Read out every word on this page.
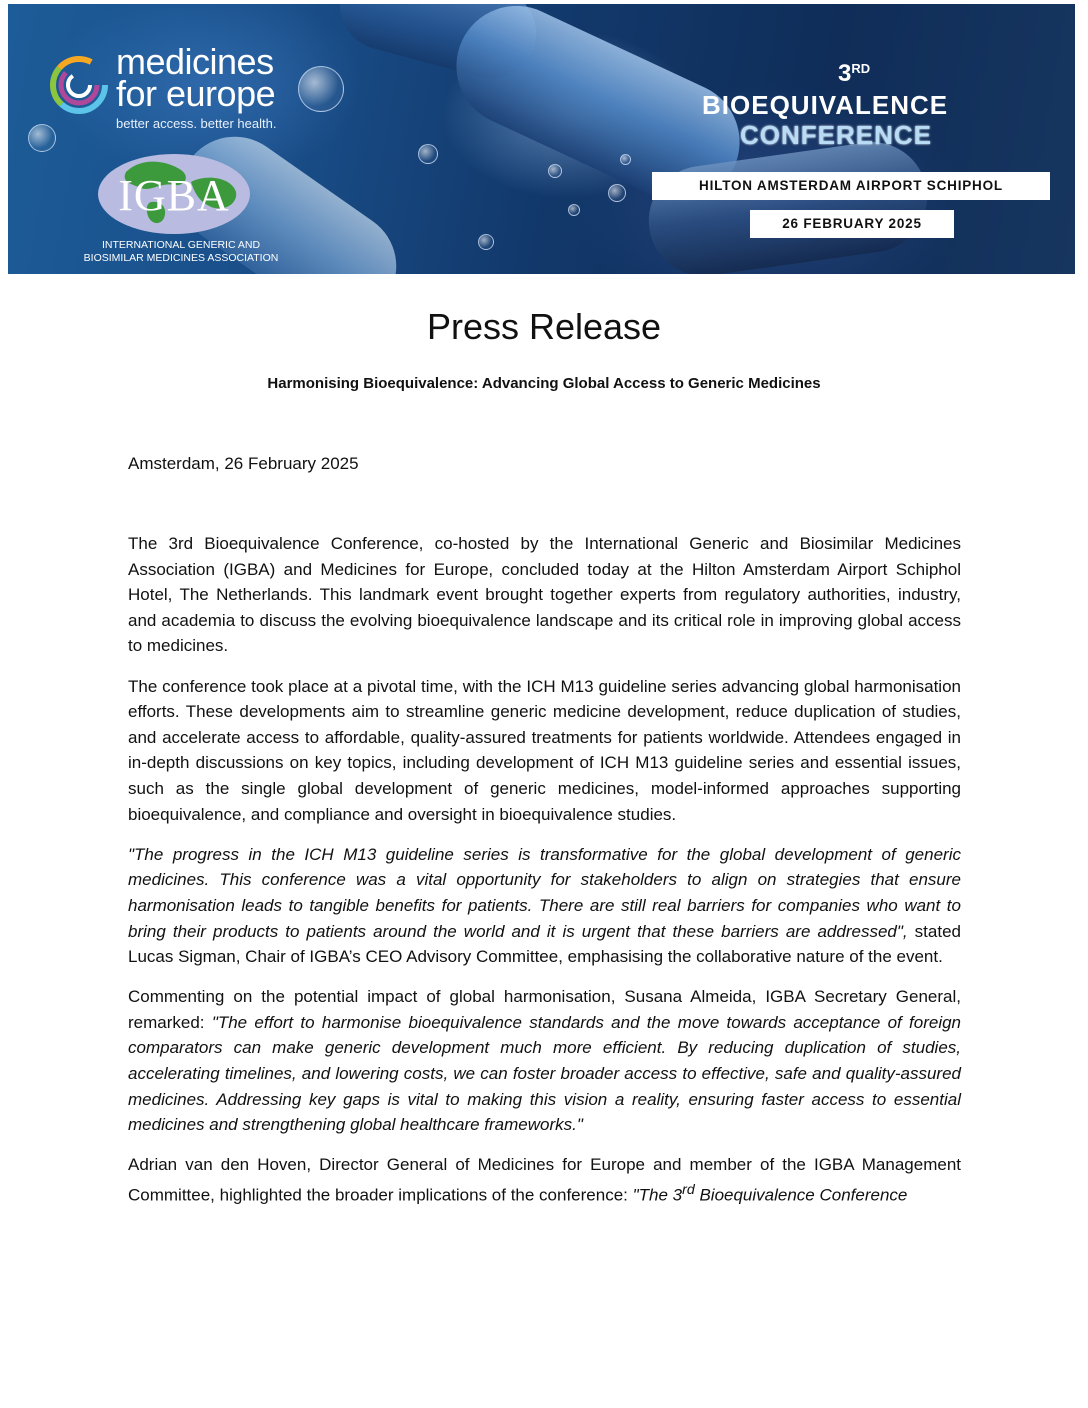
medicines
for europe
better access. better health.
IGBA
INTERNATIONAL GENERIC AND
BIOSIMILAR MEDICINES ASSOCIATION
3RD
BIOEQUIVALENCE
CONFERENCE
HILTON AMSTERDAM AIRPORT SCHIPHOL
26 FEBRUARY 2025
Press Release
Harmonising Bioequivalence: Advancing Global Access to Generic Medicines
Amsterdam, 26 February 2025

The 3rd Bioequivalence Conference, co-hosted by the International Generic and Biosimilar Medicines Association (IGBA) and Medicines for Europe, concluded today at the Hilton Amsterdam Airport Schiphol Hotel, The Netherlands. This landmark event brought together experts from regulatory authorities, industry, and academia to discuss the evolving bioequivalence landscape and its critical role in improving global access to medicines.

The conference took place at a pivotal time, with the ICH M13 guideline series advancing global harmonisation efforts. These developments aim to streamline generic medicine development, reduce duplication of studies, and accelerate access to affordable, quality-assured treatments for patients worldwide. Attendees engaged in in-depth discussions on key topics, including development of ICH M13 guideline series and essential issues, such as the single global development of generic medicines, model-informed approaches supporting bioequivalence, and compliance and oversight in bioequivalence studies.

"The progress in the ICH M13 guideline series is transformative for the global development of generic medicines. This conference was a vital opportunity for stakeholders to align on strategies that ensure harmonisation leads to tangible benefits for patients. There are still real barriers for companies who want to bring their products to patients around the world and it is urgent that these barriers are addressed", stated Lucas Sigman, Chair of IGBA’s CEO Advisory Committee, emphasising the collaborative nature of the event.

Commenting on the potential impact of global harmonisation, Susana Almeida, IGBA Secretary General, remarked: "The effort to harmonise bioequivalence standards and the move towards acceptance of foreign comparators can make generic development much more efficient. By reducing duplication of studies, accelerating timelines, and lowering costs, we can foster broader access to effective, safe and quality-assured medicines. Addressing key gaps is vital to making this vision a reality, ensuring faster access to essential medicines and strengthening global healthcare frameworks."

Adrian van den Hoven, Director General of Medicines for Europe and member of the IGBA Management Committee, highlighted the broader implications of the conference: "The 3rd Bioequivalence Conference
